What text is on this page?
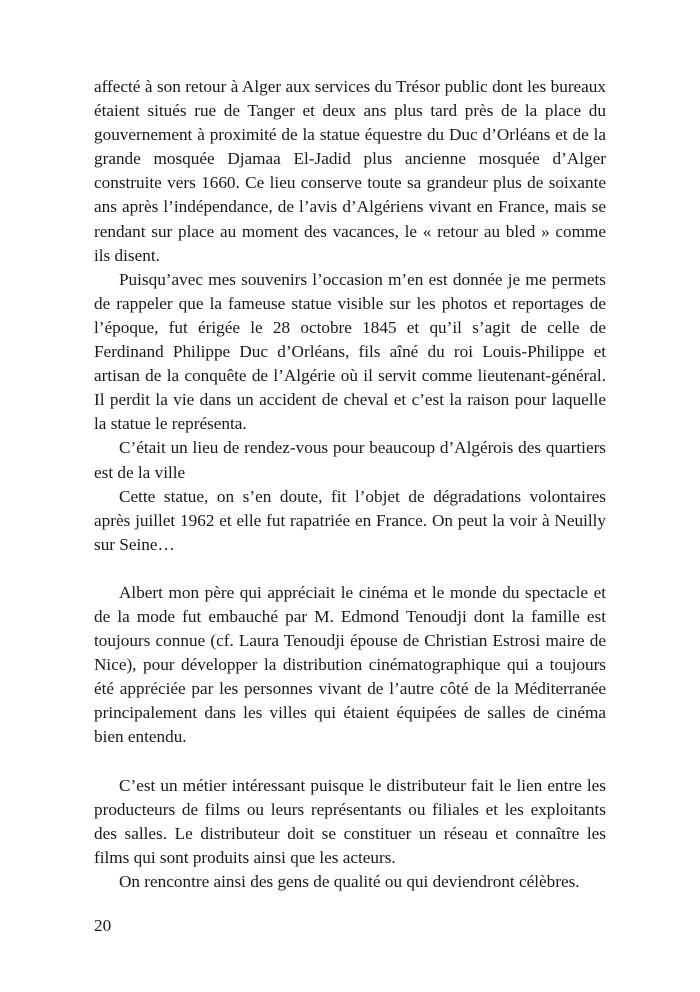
affecté à son retour à Alger aux services du Trésor public dont les bureaux étaient situés rue de Tanger et deux ans plus tard près de la place du gouvernement à proximité de la statue équestre du Duc d’Orléans et de la grande mosquée Djamaa El-Jadid plus ancienne mosquée d’Alger construite vers 1660. Ce lieu conserve toute sa grandeur plus de soixante ans après l’indépendance, de l’avis d’Algériens vivant en France, mais se rendant sur place au moment des vacances, le « retour au bled » comme ils disent.

Puisqu’avec mes souvenirs l’occasion m’en est donnée je me permets de rappeler que la fameuse statue visible sur les photos et reportages de l’époque, fut érigée le 28 octobre 1845 et qu’il s’agit de celle de Ferdinand Philippe Duc d’Orléans, fils aîné du roi Louis-Philippe et artisan de la conquête de l’Algérie où il servit comme lieutenant-général. Il perdit la vie dans un accident de cheval et c’est la raison pour laquelle la statue le représenta.

C’était un lieu de rendez-vous pour beaucoup d’Algérois des quartiers est de la ville

Cette statue, on s’en doute, fit l’objet de dégradations volontaires après juillet 1962 et elle fut rapatriée en France. On peut la voir à Neuilly sur Seine…

Albert mon père qui appréciait le cinéma et le monde du spectacle et de la mode fut embauché par M. Edmond Tenoudji dont la famille est toujours connue (cf. Laura Tenoudji épouse de Christian Estrosi maire de Nice), pour développer la distribution cinématographique qui a toujours été appréciée par les personnes vivant de l’autre côté de la Méditerranée principalement dans les villes qui étaient équipées de salles de cinéma bien entendu.

C’est un métier intéressant puisque le distributeur fait le lien entre les producteurs de films ou leurs représentants ou filiales et les exploitants des salles. Le distributeur doit se constituer un réseau et connaître les films qui sont produits ainsi que les acteurs.

On rencontre ainsi des gens de qualité ou qui deviendront célèbres.

20
